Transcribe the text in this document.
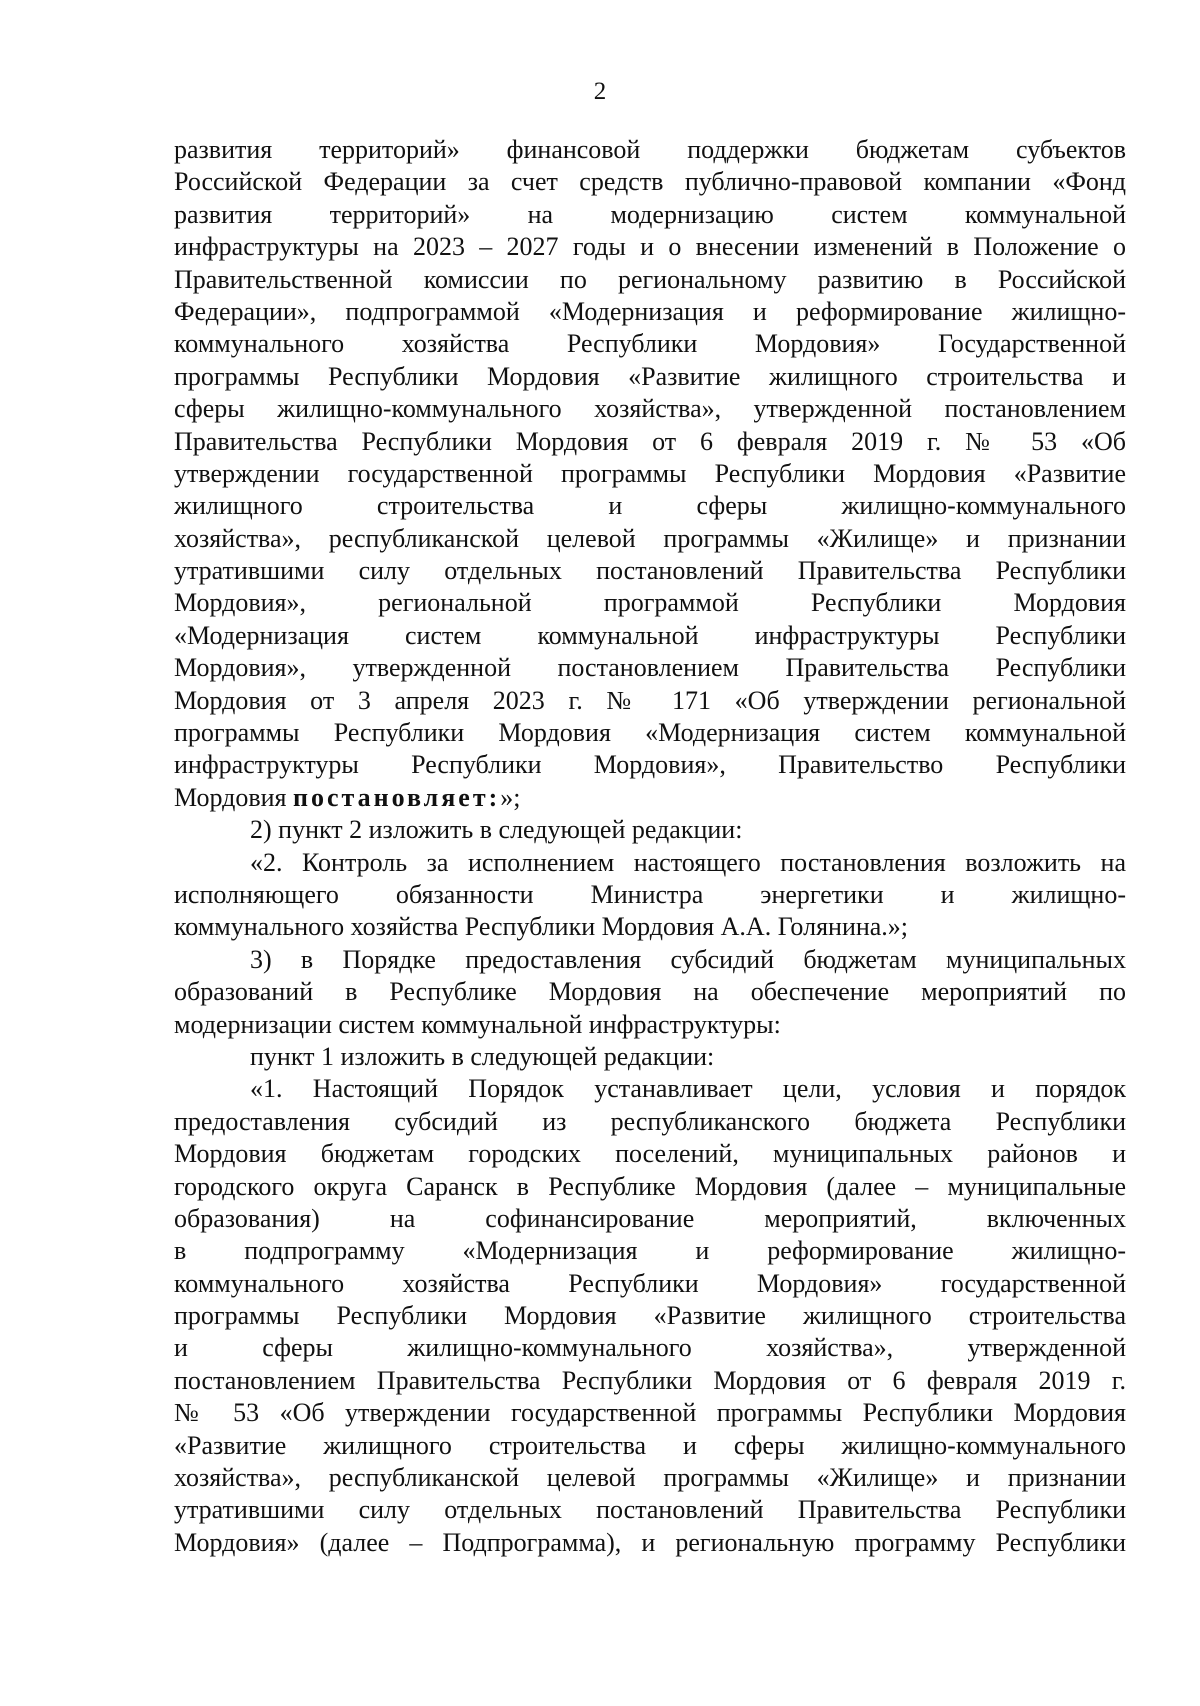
2
развития территорий» финансовой поддержки бюджетам субъектов
Российской Федерации за счет средств публично-правовой компании «Фонд
развития территорий» на модернизацию систем коммунальной
инфраструктуры на 2023 – 2027 годы и о внесении изменений в Положение о
Правительственной комиссии по региональному развитию в Российской
Федерации», подпрограммой «Модернизация и реформирование жилищно-
коммунального хозяйства Республики Мордовия» Государственной
программы Республики Мордовия «Развитие жилищного строительства и
сферы жилищно-коммунального хозяйства», утвержденной постановлением
Правительства Республики Мордовия от 6 февраля 2019 г. № 53 «Об
утверждении государственной программы Республики Мордовия «Развитие
жилищного строительства и сферы жилищно-коммунального
хозяйства», республиканской целевой программы «Жилище» и признании
утратившими силу отдельных постановлений Правительства Республики
Мордовия», региональной программой Республики Мордовия
«Модернизация систем коммунальной инфраструктуры Республики
Мордовия», утвержденной постановлением Правительства Республики
Мордовия от 3 апреля 2023 г. № 171 «Об утверждении региональной
программы Республики Мордовия «Модернизация систем коммунальной
инфраструктуры Республики Мордовия», Правительство Республики
Мордовия постановляет:»;
2) пункт 2 изложить в следующей редакции:
«2. Контроль за исполнением настоящего постановления возложить на
исполняющего обязанности Министра энергетики и жилищно-
коммунального хозяйства Республики Мордовия А.А. Голянина.»;
3) в Порядке предоставления субсидий бюджетам муниципальных
образований в Республике Мордовия на обеспечение мероприятий по
модернизации систем коммунальной инфраструктуры:
пункт 1 изложить в следующей редакции:
«1. Настоящий Порядок устанавливает цели, условия и порядок
предоставления субсидий из республиканского бюджета Республики
Мордовия бюджетам городских поселений, муниципальных районов и
городского округа Саранск в Республике Мордовия (далее – муниципальные
образования) на софинансирование мероприятий, включенных
в подпрограмму «Модернизация и реформирование жилищно-
коммунального хозяйства Республики Мордовия» государственной
программы Республики Мордовия «Развитие жилищного строительства
и сферы жилищно-коммунального хозяйства», утвержденной
постановлением Правительства Республики Мордовия от 6 февраля 2019 г.
№ 53 «Об утверждении государственной программы Республики Мордовия
«Развитие жилищного строительства и сферы жилищно-коммунального
хозяйства», республиканской целевой программы «Жилище» и признании
утратившими силу отдельных постановлений Правительства Республики
Мордовия» (далее – Подпрограмма), и региональную программу Республики
